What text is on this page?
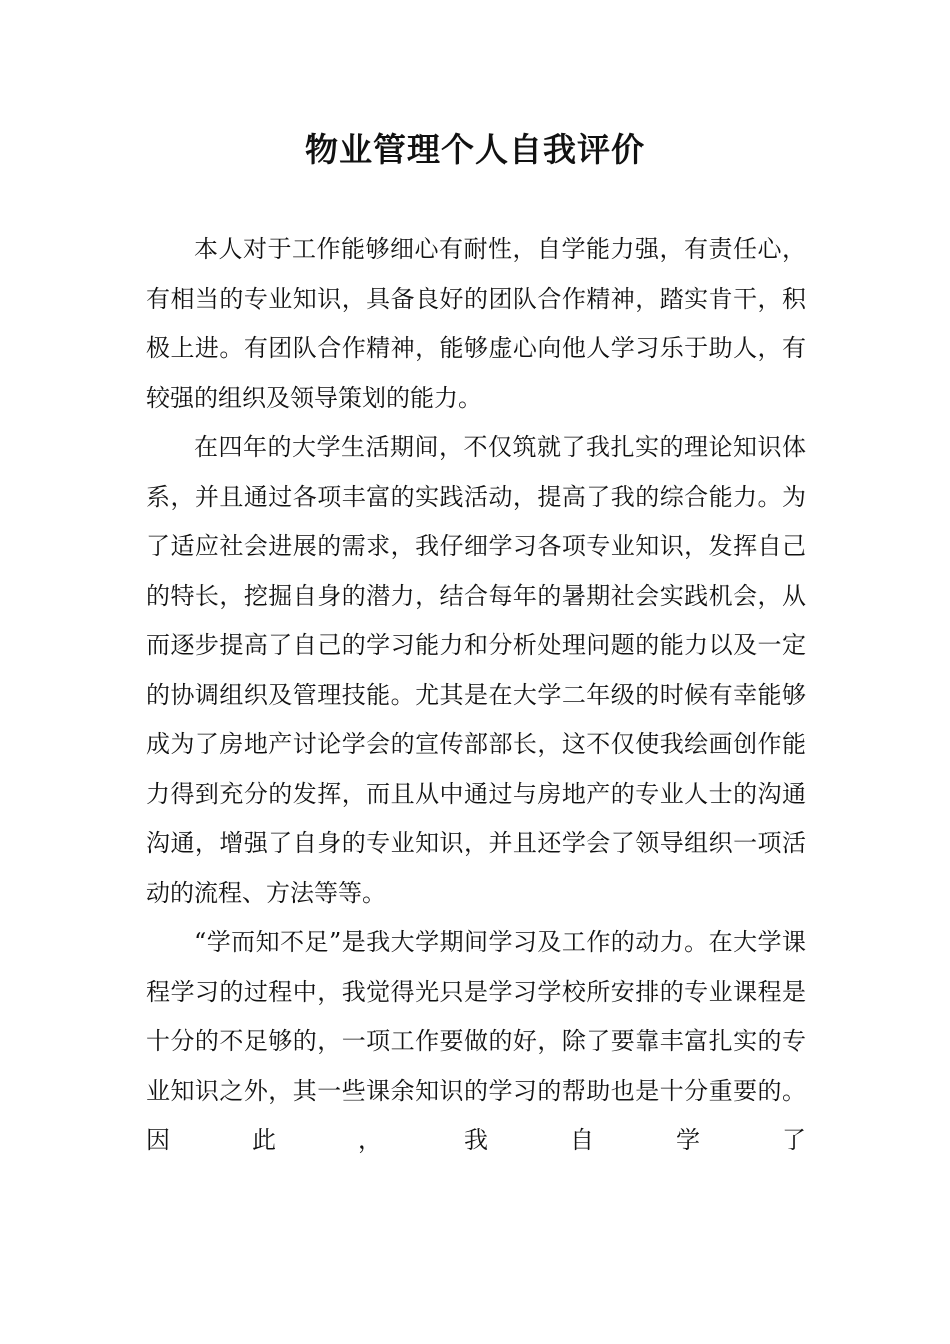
物业管理个人自我评价

本人对于工作能够细心有耐性，自学能力强，有责任心，有相当的专业知识，具备良好的团队合作精神，踏实肯干，积极上进。有团队合作精神，能够虚心向他人学习乐于助人，有较强的组织及领导策划的能力。

在四年的大学生活期间，不仅筑就了我扎实的理论知识体系，并且通过各项丰富的实践活动，提高了我的综合能力。为了适应社会进展的需求，我仔细学习各项专业知识，发挥自己的特长，挖掘自身的潜力，结合每年的暑期社会实践机会，从而逐步提高了自己的学习能力和分析处理问题的能力以及一定的协调组织及管理技能。尤其是在大学二年级的时候有幸能够成为了房地产讨论学会的宣传部部长，这不仅使我绘画创作能力得到充分的发挥，而且从中通过与房地产的专业人士的沟通沟通，增强了自身的专业知识，并且还学会了领导组织一项活动的流程、方法等等。

“学而知不足”是我大学期间学习及工作的动力。在大学课程学习的过程中，我觉得光只是学习学校所安排的专业课程是十分的不足够的，一项工作要做的好，除了要靠丰富扎实的专业知识之外，其一些课余知识的学习的帮助也是十分重要的。因此，我自学了
